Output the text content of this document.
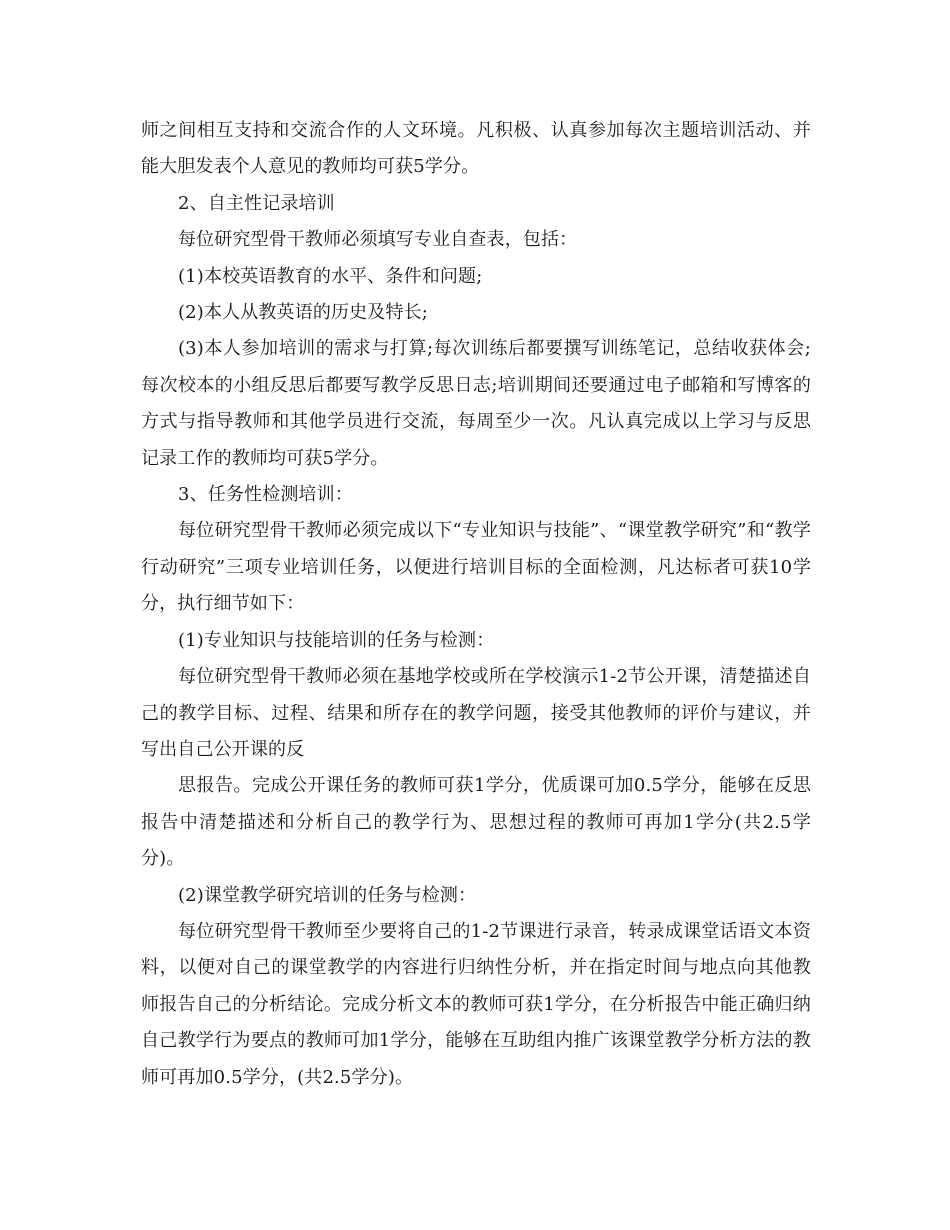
师之间相互支持和交流合作的人文环境。凡积极、认真参加每次主题培训活动、并能大胆发表个人意见的教师均可获5学分。

2、自主性记录培训

每位研究型骨干教师必须填写专业自查表，包括：

(1)本校英语教育的水平、条件和问题;

(2)本人从教英语的历史及特长;

(3)本人参加培训的需求与打算;每次训练后都要撰写训练笔记，总结收获体会;每次校本的小组反思后都要写教学反思日志;培训期间还要通过电子邮箱和写博客的方式与指导教师和其他学员进行交流，每周至少一次。凡认真完成以上学习与反思记录工作的教师均可获5学分。

3、任务性检测培训：

每位研究型骨干教师必须完成以下“专业知识与技能”、“课堂教学研究”和“教学行动研究”三项专业培训任务，以便进行培训目标的全面检测，凡达标者可获10学分，执行细节如下：

(1)专业知识与技能培训的任务与检测：

每位研究型骨干教师必须在基地学校或所在学校演示1-2节公开课，清楚描述自己的教学目标、过程、结果和所存在的教学问题，接受其他教师的评价与建议，并写出自己公开课的反

思报告。完成公开课任务的教师可获1学分，优质课可加0.5学分，能够在反思报告中清楚描述和分析自己的教学行为、思想过程的教师可再加1学分(共2.5学分)。

(2)课堂教学研究培训的任务与检测：

每位研究型骨干教师至少要将自己的1-2节课进行录音，转录成课堂话语文本资料，以便对自己的课堂教学的内容进行归纳性分析，并在指定时间与地点向其他教师报告自己的分析结论。完成分析文本的教师可获1学分，在分析报告中能正确归纳自己教学行为要点的教师可加1学分，能够在互助组内推广该课堂教学分析方法的教师可再加0.5学分，(共2.5学分)。
